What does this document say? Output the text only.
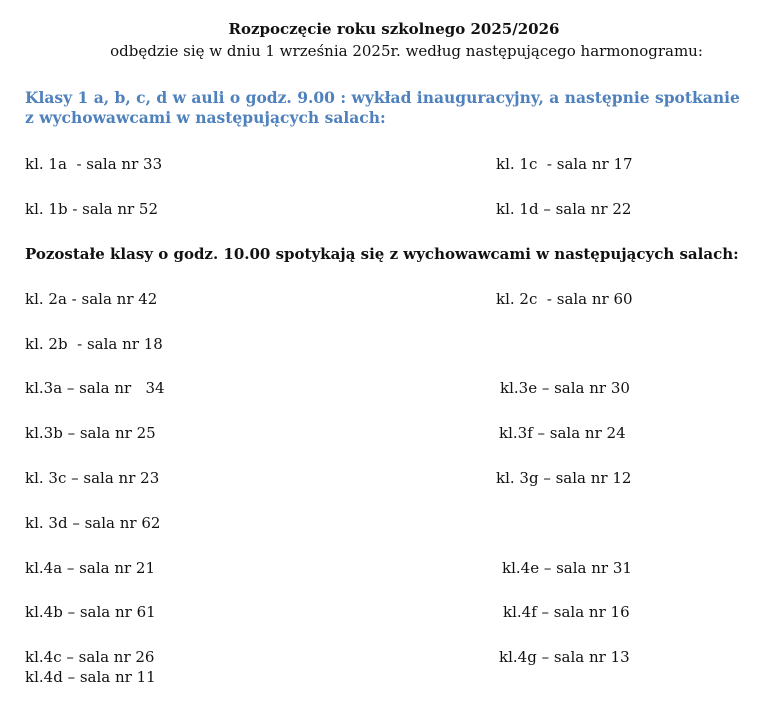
Rozpoczęcie roku szkolnego 2025/2026
odbędzie się w dniu 1 września 2025r. według następującego harmonogramu:
Klasy 1 a, b, c, d w auli o godz. 9.00 : wykład inauguracyjny, a następnie spotkanie z wychowawcami w następujących salach:
kl. 1a  - sala nr 33	kl. 1c  - sala nr 17
kl. 1b - sala nr 52	kl. 1d – sala nr 22
Pozostałe klasy o godz. 10.00 spotykają się z wychowawcami w następujących salach:
kl. 2a - sala nr 42	kl. 2c  - sala nr 60
kl. 2b  - sala nr 18
kl.3a – sala nr   34	kl.3e – sala nr 30
kl.3b – sala nr 25	kl.3f – sala nr 24
kl. 3c – sala nr 23	kl. 3g – sala nr 12
kl. 3d – sala nr 62
kl.4a – sala nr 21	kl.4e – sala nr 31
kl.4b – sala nr 61	kl.4f – sala nr 16
kl.4c – sala nr 26	kl.4g – sala nr 13
kl.4d – sala nr 11
